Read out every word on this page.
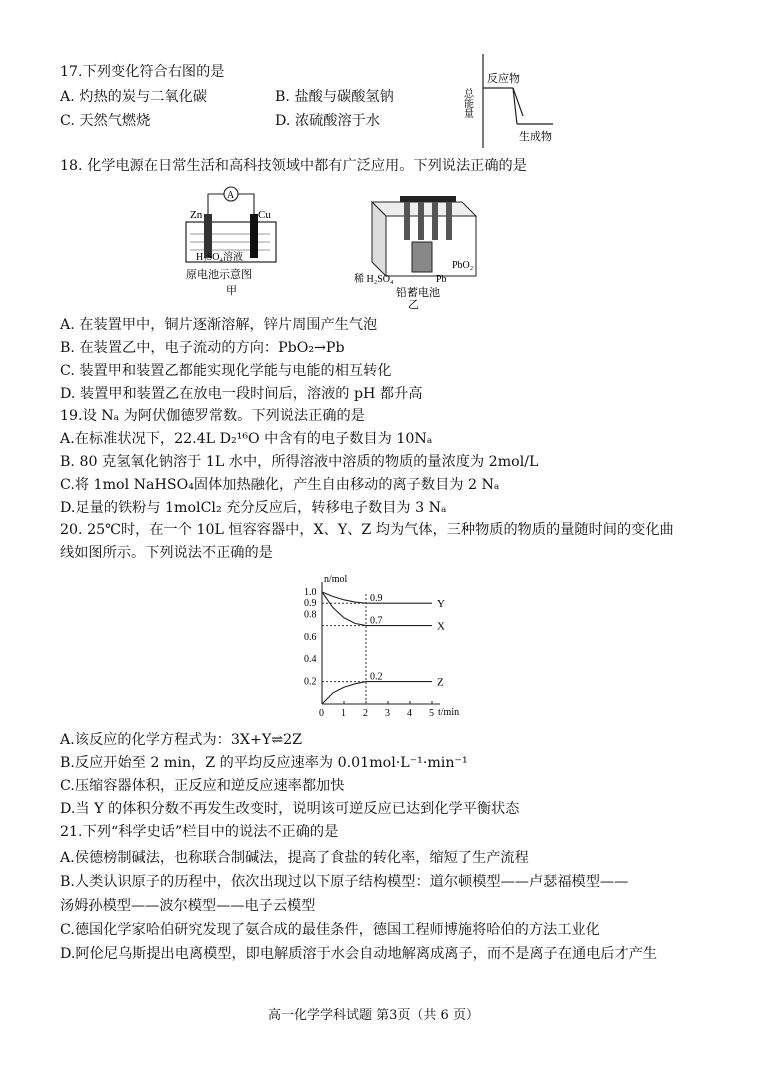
17.下列变化符合右图的是
A. 灼热的炭与二氧化碳	B. 盐酸与碳酸氢钠
C. 天然气燃烧	D. 浓硫酸溶于水
反应物
生成物
总能量
18. 化学电源在日常生活和高科技领域中都有广泛应用。下列说法正确的是
A
Zn	Cu
H₂SO₄溶液
原电池示意图
甲
稀 H₂SO₄
PbO₂
Pb
铅蓄电池
乙
A. 在装置甲中，铜片逐渐溶解，锌片周围产生气泡
B. 在装置乙中，电子流动的方向：PbO₂→Pb
C. 装置甲和装置乙都能实现化学能与电能的相互转化
D. 装置甲和装置乙在放电一段时间后，溶液的 pH 都升高
19.设 Nₐ 为阿伏伽德罗常数。下列说法正确的是
A.在标准状况下，22.4L D₂¹⁶O 中含有的电子数目为 10Nₐ
B. 80 克氢氧化钠溶于 1L 水中，所得溶液中溶质的物质的量浓度为 2mol/L
C.将 1mol NaHSO₄固体加热融化，产生自由移动的离子数目为 2 Nₐ
D.足量的铁粉与 1molCl₂ 充分反应后，转移电子数目为 3 Nₐ
20. 25℃时，在一个 10L 恒容容器中，X、Y、Z 均为气体，三种物质的物质的量随时间的变化曲
线如图所示。下列说法不正确的是
t/min
n/mol
0 1 2 3 4 5
1.0
0.9
0.8
0.6
0.4
0.2
Y
0.9
X
0.7
Z
0.2
A.该反应的化学方程式为：3X+Y⇌2Z
B.反应开始至 2 min，Z 的平均反应速率为 0.01mol·L⁻¹·min⁻¹
C.压缩容器体积，正反应和逆反应速率都加快
D.当 Y 的体积分数不再发生改变时，说明该可逆反应已达到化学平衡状态
21.下列“科学史话”栏目中的说法不正确的是
A.侯德榜制碱法，也称联合制碱法，提高了食盐的转化率，缩短了生产流程
B.人类认识原子的历程中，依次出现过以下原子结构模型：道尔顿模型——卢瑟福模型——
汤姆孙模型——波尔模型——电子云模型
C.德国化学家哈伯研究发现了氨合成的最佳条件，德国工程师博施将哈伯的方法工业化
D.阿伦尼乌斯提出电离模型，即电解质溶于水会自动地解离成离子，而不是离子在通电后才产生
高一化学学科试题 第3页（共 6 页）
